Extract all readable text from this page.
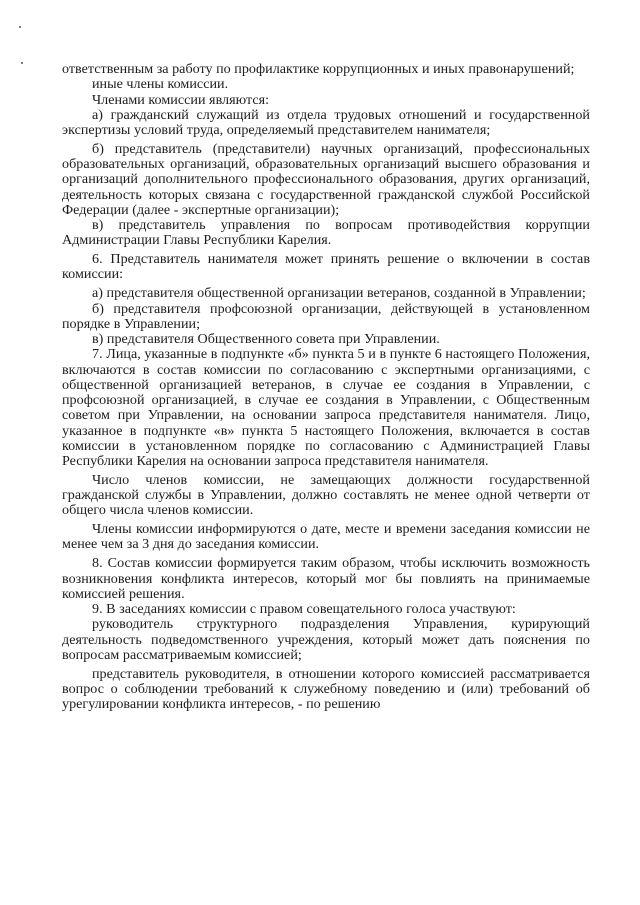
ответственным за работу по профилактике коррупционных и иных правонарушений;

иные члены комиссии.

Членами комиссии являются:

а) гражданский служащий из отдела трудовых отношений и государственной экспертизы условий труда, определяемый представителем нанимателя;

б) представитель (представители) научных организаций, профессиональных образовательных организаций, образовательных организаций высшего образования и организаций дополнительного профессионального образования, других организаций, деятельность которых связана с государственной гражданской службой Российской Федерации (далее - экспертные организации);

в) представитель управления по вопросам противодействия коррупции Администрации Главы Республики Карелия.

6. Представитель нанимателя может принять решение о включении в состав комиссии:

а) представителя общественной организации ветеранов, созданной в Управлении;

б) представителя профсоюзной организации, действующей в установленном порядке в Управлении;

в) представителя Общественного совета при Управлении.

7. Лица, указанные в подпункте «б» пункта 5 и в пункте 6 настоящего Положения, включаются в состав комиссии по согласованию с экспертными организациями, с общественной организацией ветеранов, в случае ее создания в Управлении, с профсоюзной организацией, в случае ее создания в Управлении, с Общественным советом при Управлении, на основании запроса представителя нанимателя. Лицо, указанное в подпункте «в» пункта 5 настоящего Положения, включается в состав комиссии в установленном порядке по согласованию с Администрацией Главы Республики Карелия на основании запроса представителя нанимателя.

Число членов комиссии, не замещающих должности государственной гражданской службы в Управлении, должно составлять не менее одной четверти от общего числа членов комиссии.

Члены комиссии информируются о дате, месте и времени заседания комиссии не менее чем за 3 дня до заседания комиссии.

8. Состав комиссии формируется таким образом, чтобы исключить возможность возникновения конфликта интересов, который мог бы повлиять на принимаемые комиссией решения.

9. В заседаниях комиссии с правом совещательного голоса участвуют:

руководитель структурного подразделения Управления, курирующий деятельность подведомственного учреждения, который может дать пояснения по вопросам рассматриваемым комиссией;

представитель руководителя, в отношении которого комиссией рассматривается вопрос о соблюдении требований к служебному поведению и (или) требований об урегулировании конфликта интересов, - по решению
